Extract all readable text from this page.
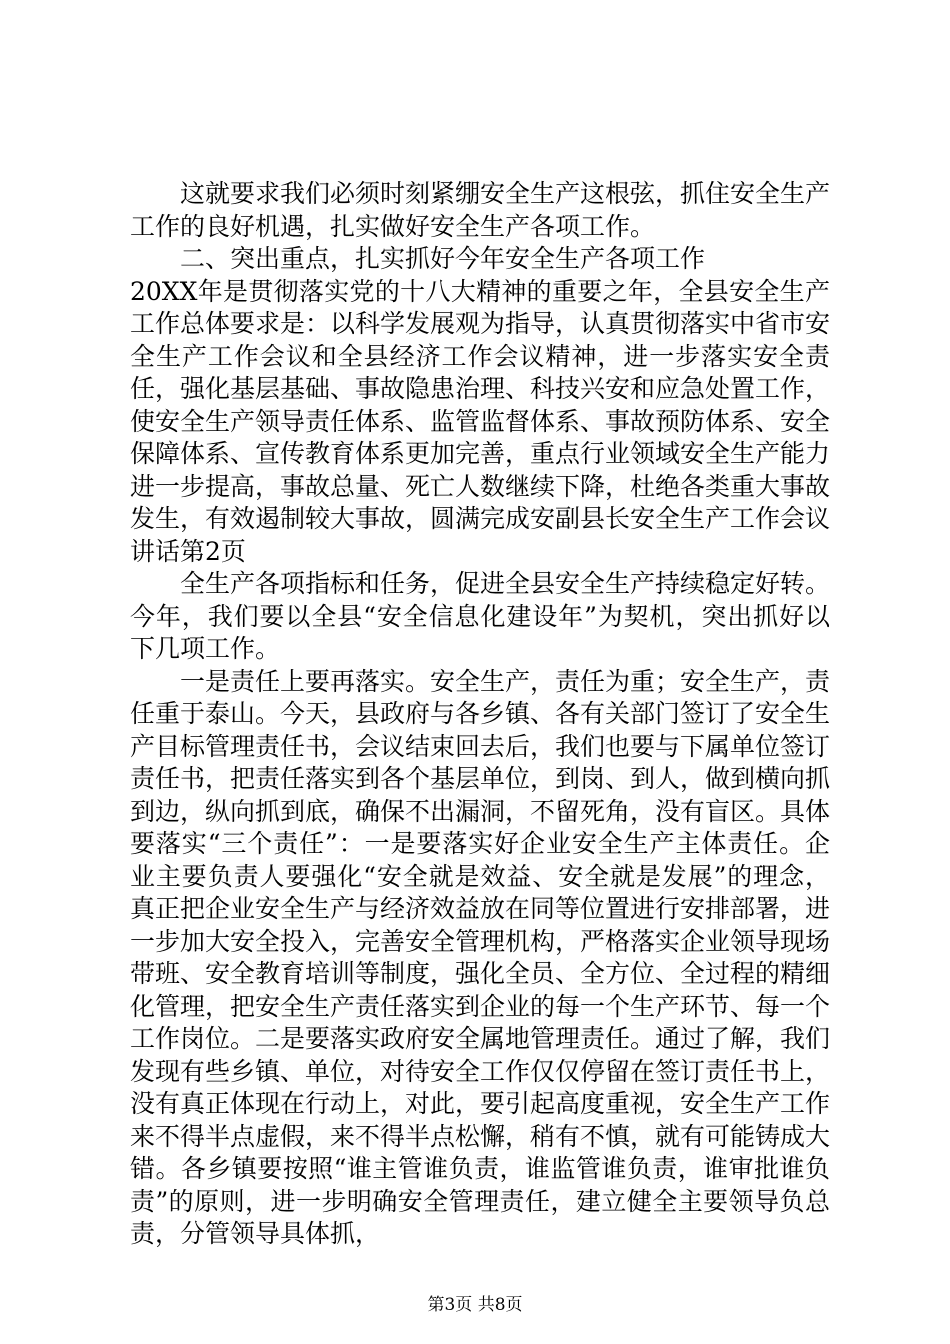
这就要求我们必须时刻紧绷安全生产这根弦，抓住安全生产工作的良好机遇，扎实做好安全生产各项工作。

二、突出重点，扎实抓好今年安全生产各项工作

20XX年是贯彻落实党的十八大精神的重要之年，全县安全生产工作总体要求是：以科学发展观为指导，认真贯彻落实中省市安全生产工作会议和全县经济工作会议精神，进一步落实安全责任，强化基层基础、事故隐患治理、科技兴安和应急处置工作，使安全生产领导责任体系、监管监督体系、事故预防体系、安全保障体系、宣传教育体系更加完善，重点行业领域安全生产能力进一步提高，事故总量、死亡人数继续下降，杜绝各类重大事故发生，有效遏制较大事故，圆满完成安副县长安全生产工作会议讲话第2页

全生产各项指标和任务，促进全县安全生产持续稳定好转。今年，我们要以全县“安全信息化建设年”为契机，突出抓好以下几项工作。

一是责任上要再落实。安全生产，责任为重；安全生产，责任重于泰山。今天，县政府与各乡镇、各有关部门签订了安全生产目标管理责任书，会议结束回去后，我们也要与下属单位签订责任书，把责任落实到各个基层单位，到岗、到人，做到横向抓到边，纵向抓到底，确保不出漏洞，不留死角，没有盲区。具体要落实“三个责任”：一是要落实好企业安全生产主体责任。企业主要负责人要强化“安全就是效益、安全就是发展”的理念，真正把企业安全生产与经济效益放在同等位置进行安排部署，进一步加大安全投入，完善安全管理机构，严格落实企业领导现场带班、安全教育培训等制度，强化全员、全方位、全过程的精细化管理，把安全生产责任落实到企业的每一个生产环节、每一个工作岗位。二是要落实政府安全属地管理责任。通过了解，我们发现有些乡镇、单位，对待安全工作仅仅停留在签订责任书上，没有真正体现在行动上，对此，要引起高度重视，安全生产工作来不得半点虚假，来不得半点松懈，稍有不慎，就有可能铸成大错。各乡镇要按照“谁主管谁负责，谁监管谁负责，谁审批谁负责”的原则，进一步明确安全管理责任，建立健全主要领导负总责，分管领导具体抓，

第3页 共8页
